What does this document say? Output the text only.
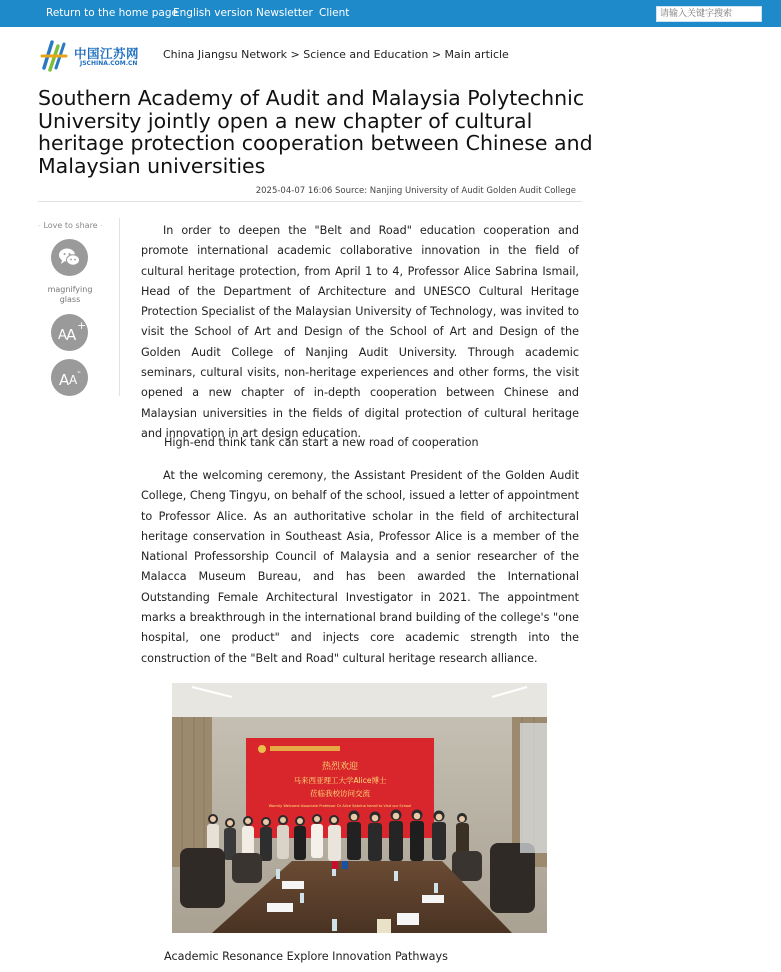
Return to the home page
English version Newsletter Client
请输入关键字搜索
中国江苏网
JSCHINA.COM.CN
China Jiangsu Network > Science and Education > Main article
Southern Academy of Audit and Malaysia Polytechnic University jointly open a new chapter of cultural heritage protection cooperation between Chinese and Malaysian universities
2025-04-07 16:06 Source: Nanjing University of Audit Golden Audit College
- Love to share -
magnifying glass
A A
+
A A
-

In order to deepen the "Belt and Road" education cooperation and promote international academic collaborative innovation in the field of cultural heritage protection, from April 1 to 4, Professor Alice Sabrina Ismail, Head of the Department of Architecture and UNESCO Cultural Heritage Protection Specialist of the Malaysian University of Technology, was invited to visit the School of Art and Design of the School of Art and Design of the Golden Audit College of Nanjing Audit University. Through academic seminars, cultural visits, non-heritage experiences and other forms, the visit opened a new chapter of in-depth cooperation between Chinese and Malaysian universities in the fields of digital protection of cultural heritage and innovation in art design education.

High-end think tank can start a new road of cooperation

At the welcoming ceremony, the Assistant President of the Golden Audit College, Cheng Tingyu, on behalf of the school, issued a letter of appointment to Professor Alice. As an authoritative scholar in the field of architectural heritage conservation in Southeast Asia, Professor Alice is a member of the National Professorship Council of Malaysia and a senior researcher of the Malacca Museum Bureau, and has been awarded the International Outstanding Female Architectural Investigator in 2021. The appointment marks a breakthrough in the international brand building of the college's "one hospital, one product" and injects core academic strength into the construction of the "Belt and Road" cultural heritage research alliance.

热烈欢迎
马来西亚理工大学Alice博士
莅临我校访问交流
Warmly Welcome Associate Professor Dr Alice Sabrina Ismail to Visit our School
Academic Resonance Explore Innovation Pathways
